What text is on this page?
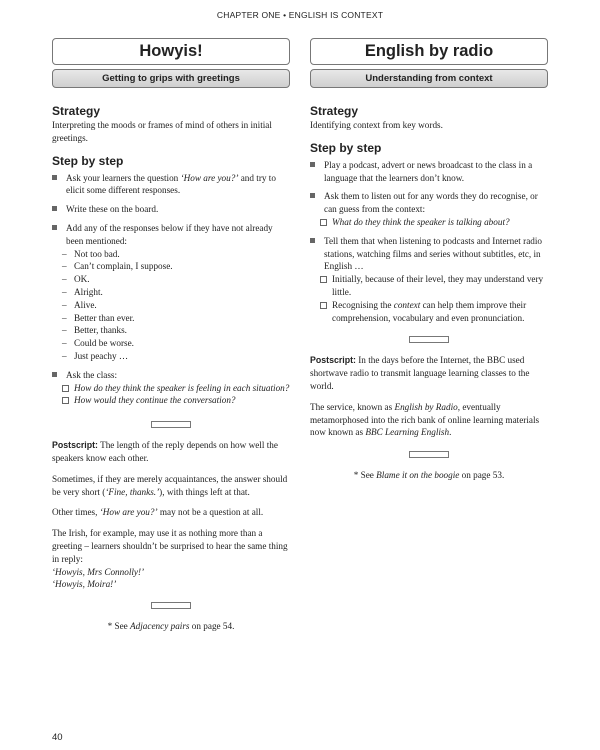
CHAPTER ONE • ENGLISH IS CONTEXT
Howyis!
Getting to grips with greetings
Strategy

Interpreting the moods or frames of mind of others in initial greetings.

Step by step
Ask your learners the question ‘How are you?’ and try to elicit some different responses.
Write these on the board.
Add any of the responses below if they have not already been mentioned:
– Not too bad.
– Can’t complain, I suppose.
– OK.
– Alright.
– Alive.
– Better than ever.
– Better, thanks.
– Could be worse.
– Just peachy …
Ask the class:
How do they think the speaker is feeling in each situation?
How would they continue the conversation?

Postscript: The length of the reply depends on how well the speakers know each other.

Sometimes, if they are merely acquaintances, the answer should be very short (‘Fine, thanks.’), with things left at that.

Other times, ‘How are you?’ may not be a question at all.

The Irish, for example, may use it as nothing more than a greeting – learners shouldn’t be surprised to hear the same thing in reply:

‘Howyis, Mrs Connolly!’

‘Howyis, Moira!’

* See Adjacency pairs on page 54.

English by radio
Understanding from context
Strategy

Identifying context from key words.

Step by step
Play a podcast, advert or news broadcast to the class in a language that the learners don’t know.
Ask them to listen out for any words they do recognise, or can guess from the context:
What do they think the speaker is talking about?
Tell them that when listening to podcasts and Internet radio stations, watching films and series without subtitles, etc, in English …
Initially, because of their level, they may understand very little.
Recognising the context can help them improve their comprehension, vocabulary and even pronunciation.

Postscript: In the days before the Internet, the BBC used shortwave radio to transmit language learning classes to the world.

The service, known as English by Radio, eventually metamorphosed into the rich bank of online learning materials now known as BBC Learning English.

* See Blame it on the boogie on page 53.

40
